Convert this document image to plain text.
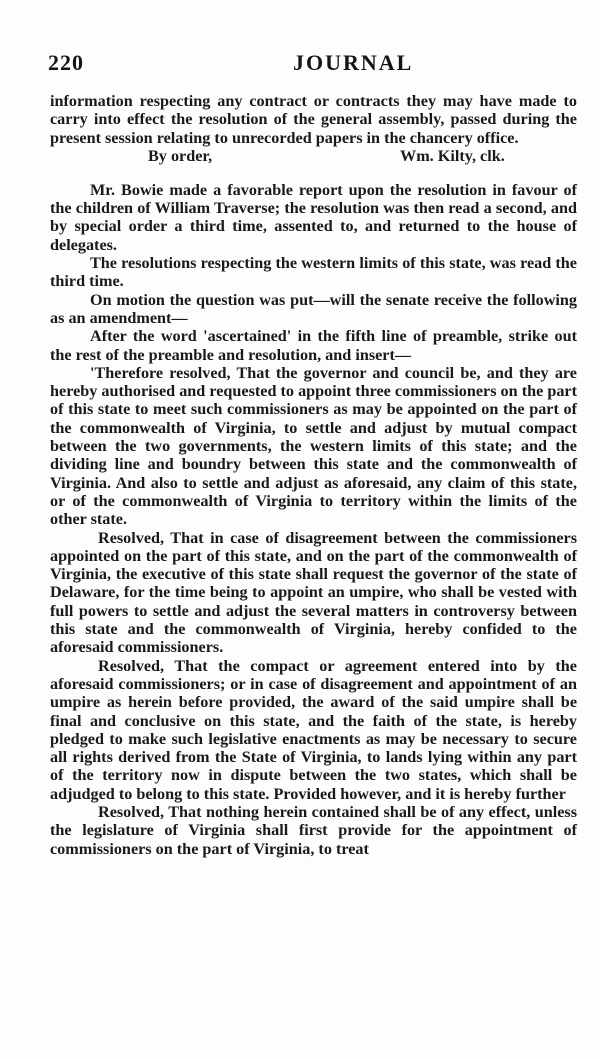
220	JOURNAL

information respecting any contract or contracts they may have made to carry into effect the resolution of the general assembly, passed during the present session relating to unrecorded papers in the chancery office.

By order,	Wm. Kilty, clk.

Mr. Bowie made a favorable report upon the resolution in favour of the children of William Traverse; the resolution was then read a second, and by special order a third time, assented to, and returned to the house of delegates.

The resolutions respecting the western limits of this state, was read the third time.

On motion the question was put—will the senate receive the following as an amendment—

After the word 'ascertained' in the fifth line of preamble, strike out the rest of the preamble and resolution, and insert—

'Therefore resolved, That the governor and council be, and they are hereby authorised and requested to appoint three commissioners on the part of this state to meet such commissioners as may be appointed on the part of the commonwealth of Virginia, to settle and adjust by mutual compact between the two governments, the western limits of this state; and the dividing line and boundry between this state and the commonwealth of Virginia. And also to settle and adjust as aforesaid, any claim of this state, or of the commonwealth of Virginia to territory within the limits of the other state.

Resolved, That in case of disagreement between the commissioners appointed on the part of this state, and on the part of the commonwealth of Virginia, the executive of this state shall request the governor of the state of Delaware, for the time being to appoint an umpire, who shall be vested with full powers to settle and adjust the several matters in controversy between this state and the commonwealth of Virginia, hereby confided to the aforesaid commissioners.

Resolved, That the compact or agreement entered into by the aforesaid commissioners; or in case of disagreement and appointment of an umpire as herein before provided, the award of the said umpire shall be final and conclusive on this state, and the faith of the state, is hereby pledged to make such legislative enactments as may be necessary to secure all rights derived from the State of Virginia, to lands lying within any part of the territory now in dispute between the two states, which shall be adjudged to belong to this state. Provided however, and it is hereby further

Resolved, That nothing herein contained shall be of any effect, unless the legislature of Virginia shall first provide for the appointment of commissioners on the part of Virginia, to treat
